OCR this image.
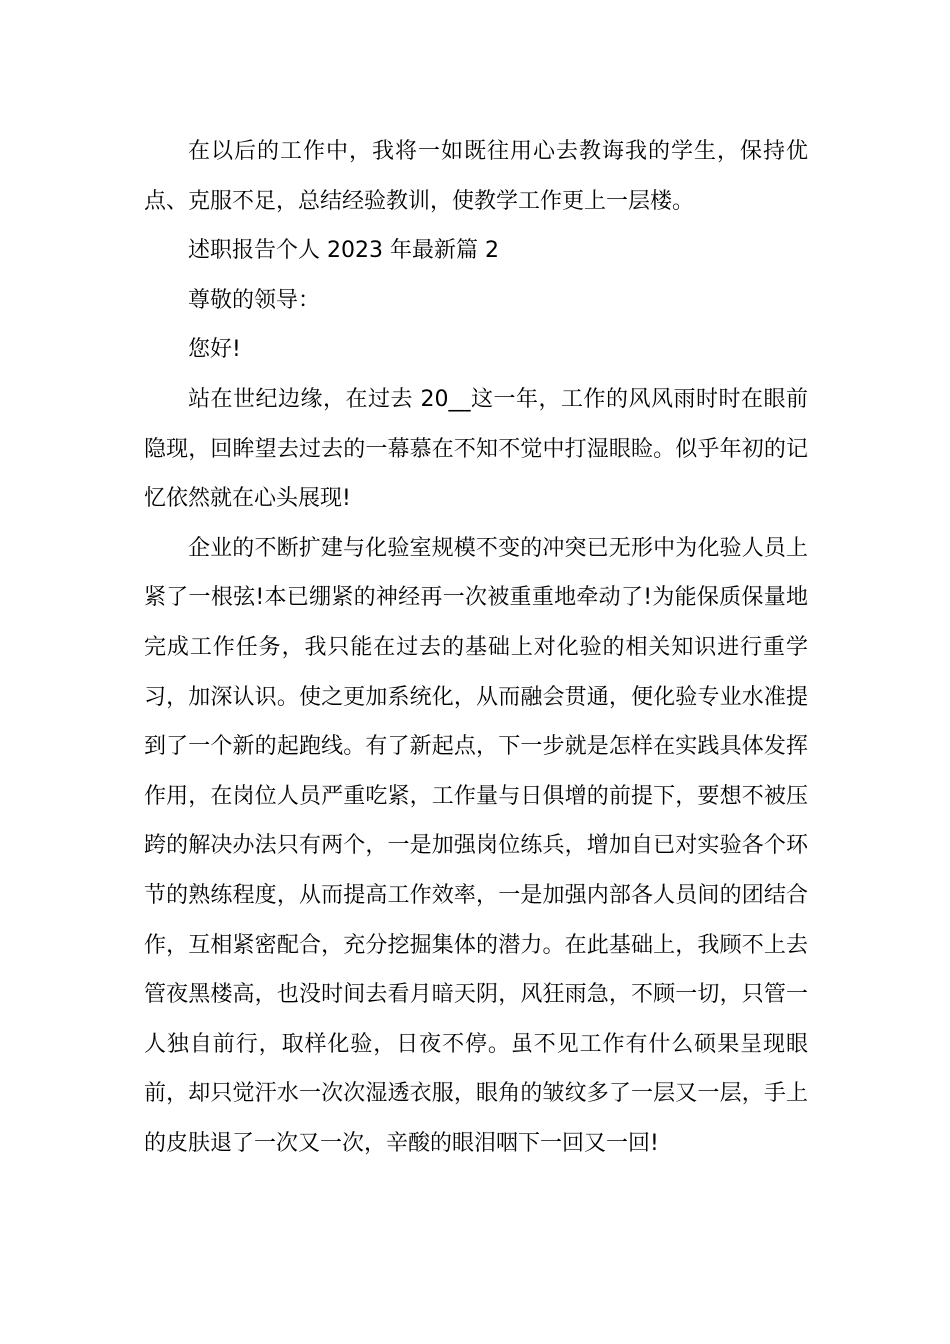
在以后的工作中，我将一如既往用心去教诲我的学生，保持优点、克服不足，总结经验教训，使教学工作更上一层楼。

述职报告个人 2023 年最新篇 2

尊敬的领导：

您好!

站在世纪边缘，在过去 20__这一年，工作的风风雨时时在眼前隐现，回眸望去过去的一幕慕在不知不觉中打湿眼睑。似乎年初的记忆依然就在心头展现!

企业的不断扩建与化验室规模不变的冲突已无形中为化验人员上紧了一根弦!本已绷紧的神经再一次被重重地牵动了!为能保质保量地完成工作任务，我只能在过去的基础上对化验的相关知识进行重学习，加深认识。使之更加系统化，从而融会贯通，便化验专业水准提到了一个新的起跑线。有了新起点，下一步就是怎样在实践具体发挥作用，在岗位人员严重吃紧，工作量与日俱增的前提下，要想不被压跨的解决办法只有两个，一是加强岗位练兵，增加自已对实验各个环节的熟练程度，从而提高工作效率，一是加强内部各人员间的团结合作，互相紧密配合，充分挖掘集体的潜力。在此基础上，我顾不上去管夜黑楼高，也没时间去看月暗天阴，风狂雨急，不顾一切，只管一人独自前行，取样化验，日夜不停。虽不见工作有什么硕果呈现眼前，却只觉汗水一次次湿透衣服，眼角的皱纹多了一层又一层，手上的皮肤退了一次又一次，辛酸的眼泪咽下一回又一回!
